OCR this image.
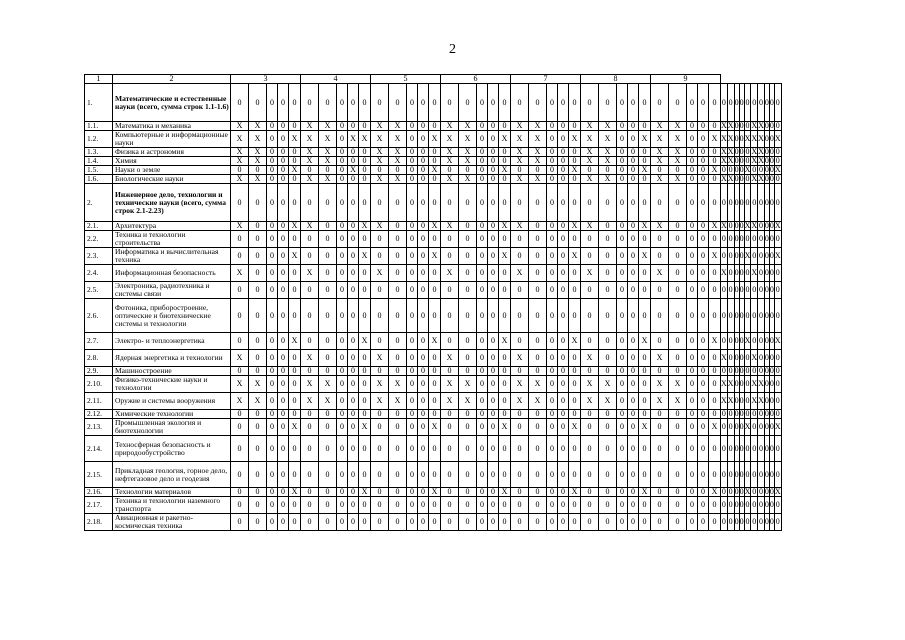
2
1	2	3					4					5					6					7					8					9														
1.	Математические и естественные науки (всего, сумма строк 1.1-1.6)	0	0	0	0	0	0	0	0	0	0	0	0	0	0	0	0	0	0	0	0	0	0	0	0	0	0	0	0	0	0	0	0	0	0	0	0	0	0	0	0	0	0	0	0	0
1.1.	Математика и механика	X	X	0	0	0	X	X	0	0	0	X	X	0	0	0	X	X	0	0	0	X	X	0	0	0	X	X	0	0	0	X	X	0	0	0	X	X	0	0	0	X	X	0	0	0
1.2.	Компьютерные и информационные науки	X	X	0	0	X	X	X	0	X	X	X	X	0	0	X	X	X	0	0	X	X	X	0	0	X	X	X	0	0	X	X	X	0	0	X	X	X	0	0	X	X	X	0	0	X
1.3.	Физика и астрономия	X	X	0	0	0	X	X	0	0	0	X	X	0	0	0	X	X	0	0	0	X	X	0	0	0	X	X	0	0	0	X	X	0	0	0	X	X	0	0	0	X	X	0	0	0
1.4.	Химия	X	X	0	0	0	X	X	0	0	0	X	X	0	0	0	X	X	0	0	0	X	X	0	0	0	X	X	0	0	0	X	X	0	0	0	X	X	0	0	0	X	X	0	0	0
1.5.	Науки о земле	0	0	0	0	X	0	0	0	X	0	0	0	0	0	X	0	0	0	0	X	0	0	0	0	X	0	0	0	0	X	0	0	0	0	X	0	0	0	0	X	0	0	0	0	X
1.6.	Биологические науки	X	X	0	0	0	X	X	0	0	0	X	X	0	0	0	X	X	0	0	0	X	X	0	0	0	X	X	0	0	0	X	X	0	0	0	X	X	0	0	0	X	X	0	0	0
2.	Инженерное дело, технологии и технические науки (всего, сумма строк 2.1-2.23)	0	0	0	0	0	0	0	0	0	0	0	0	0	0	0	0	0	0	0	0	0	0	0	0	0	0	0	0	0	0	0	0	0	0	0	0	0	0	0	0	0	0	0	0	0
2.1.	Архитектура	X	0	0	0	X	X	0	0	0	X	X	0	0	0	X	X	0	0	0	X	X	0	0	0	X	X	0	0	0	X	X	0	0	0	X	X	0	0	0	X	X	0	0	0	X
2.2.	Техника и технологии строительства	0	0	0	0	0	0	0	0	0	0	0	0	0	0	0	0	0	0	0	0	0	0	0	0	0	0	0	0	0	0	0	0	0	0	0	0	0	0	0	0	0	0	0	0	0
2.3.	Информатика и вычислительная техника	0	0	0	0	X	0	0	0	0	X	0	0	0	0	X	0	0	0	0	X	0	0	0	0	X	0	0	0	0	X	0	0	0	0	X	0	0	0	0	X	0	0	0	0	X
2.4.	Информационная безопасность	X	0	0	0	0	X	0	0	0	0	X	0	0	0	0	X	0	0	0	0	X	0	0	0	0	X	0	0	0	0	X	0	0	0	0	X	0	0	0	0	X	0	0	0	0
2.5.	Электроника, радиотехника и системы связи	0	0	0	0	0	0	0	0	0	0	0	0	0	0	0	0	0	0	0	0	0	0	0	0	0	0	0	0	0	0	0	0	0	0	0	0	0	0	0	0	0	0	0	0	0
2.6.	Фотоника, приборостроение, оптические и биотехнические системы и технологии	0	0	0	0	0	0	0	0	0	0	0	0	0	0	0	0	0	0	0	0	0	0	0	0	0	0	0	0	0	0	0	0	0	0	0	0	0	0	0	0	0	0	0	0	0
2.7.	Электро- и теплоэнергетика	0	0	0	0	X	0	0	0	0	X	0	0	0	0	X	0	0	0	0	X	0	0	0	0	X	0	0	0	0	X	0	0	0	0	X	0	0	0	0	X	0	0	0	0	X
2.8.	Ядерная энергетика и технологии	X	0	0	0	0	X	0	0	0	0	X	0	0	0	0	X	0	0	0	0	X	0	0	0	0	X	0	0	0	0	X	0	0	0	0	X	0	0	0	0	X	0	0	0	0
2.9.	Машиностроение	0	0	0	0	0	0	0	0	0	0	0	0	0	0	0	0	0	0	0	0	0	0	0	0	0	0	0	0	0	0	0	0	0	0	0	0	0	0	0	0	0	0	0	0	0
2.10.	Физико-технические науки и технологии	X	X	0	0	0	X	X	0	0	0	X	X	0	0	0	X	X	0	0	0	X	X	0	0	0	X	X	0	0	0	X	X	0	0	0	X	X	0	0	0	X	X	0	0	0
2.11.	Оружие и системы вооружения	X	X	0	0	0	X	X	0	0	0	X	X	0	0	0	X	X	0	0	0	X	X	0	0	0	X	X	0	0	0	X	X	0	0	0	X	X	0	0	0	X	X	0	0	0
2.12.	Химические технологии	0	0	0	0	0	0	0	0	0	0	0	0	0	0	0	0	0	0	0	0	0	0	0	0	0	0	0	0	0	0	0	0	0	0	0	0	0	0	0	0	0	0	0	0	0
2.13.	Промышленная экология и биотехнологии	0	0	0	0	X	0	0	0	0	X	0	0	0	0	X	0	0	0	0	X	0	0	0	0	X	0	0	0	0	X	0	0	0	0	X	0	0	0	0	X	0	0	0	0	X
2.14.	Техносферная безопасность и природообустройство	0	0	0	0	0	0	0	0	0	0	0	0	0	0	0	0	0	0	0	0	0	0	0	0	0	0	0	0	0	0	0	0	0	0	0	0	0	0	0	0	0	0	0	0	0
2.15.	Прикладная геология, горное дело, нефтегазовое дело и геодезия	0	0	0	0	0	0	0	0	0	0	0	0	0	0	0	0	0	0	0	0	0	0	0	0	0	0	0	0	0	0	0	0	0	0	0	0	0	0	0	0	0	0	0	0	0
2.16.	Технологии материалов	0	0	0	0	X	0	0	0	0	X	0	0	0	0	X	0	0	0	0	X	0	0	0	0	X	0	0	0	0	X	0	0	0	0	X	0	0	0	0	X	0	0	0	0	X
2.17.	Техника и технологии наземного транспорта	0	0	0	0	0	0	0	0	0	0	0	0	0	0	0	0	0	0	0	0	0	0	0	0	0	0	0	0	0	0	0	0	0	0	0	0	0	0	0	0	0	0	0	0	0
2.18.	Авиационная и ракетно-космическая техника	0	0	0	0	0	0	0	0	0	0	0	0	0	0	0	0	0	0	0	0	0	0	0	0	0	0	0	0	0	0	0	0	0	0	0	0	0	0	0	0	0	0	0	0	0
